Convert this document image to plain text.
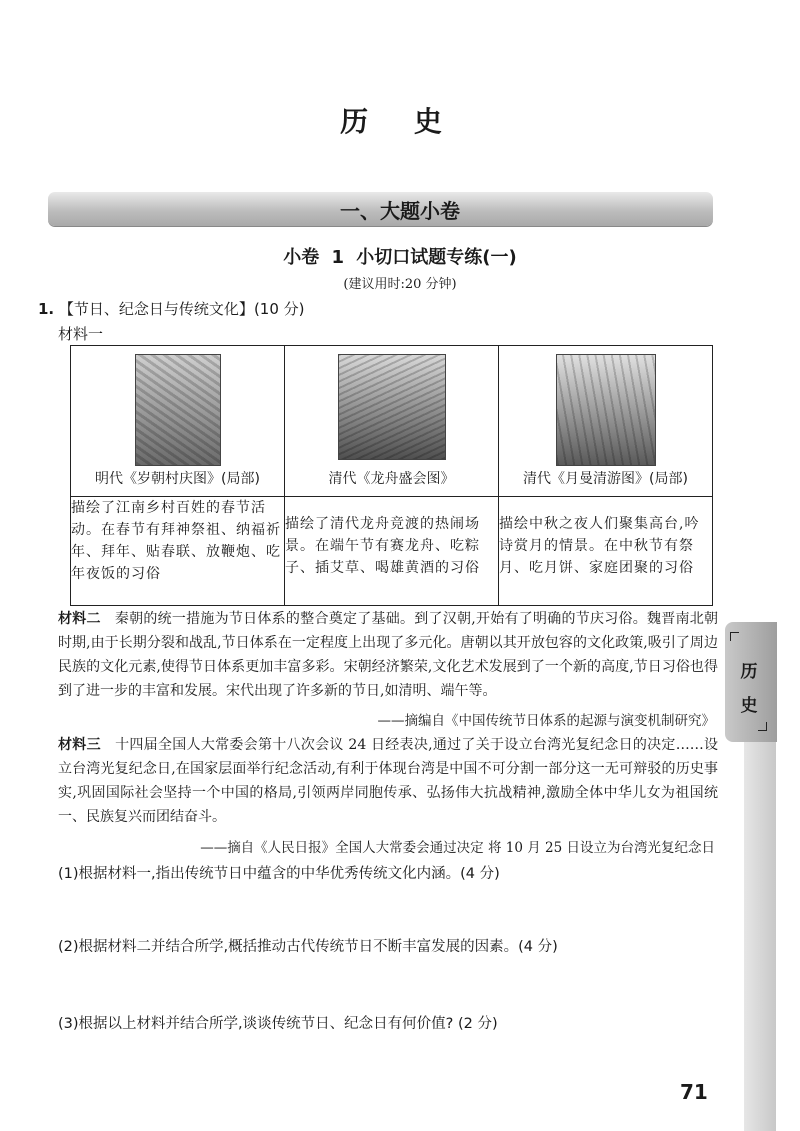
历 史
一、大题小卷
小卷 1 小切口试题专练(一)
(建议用时:20 分钟)
1. 【节日、纪念日与传统文化】(10 分)
材料一
明代《岁朝村庆图》(局部)	清代《龙舟盛会图》	清代《月曼清游图》(局部)

描绘了江南乡村百姓的春节活动。在春节有拜神祭祖、纳福祈年、拜年、贴春联、放鞭炮、吃年夜饭的习俗	描绘了清代龙舟竞渡的热闹场景。在端午节有赛龙舟、吃粽子、插艾草、喝雄黄酒的习俗	描绘中秋之夜人们聚集高台,吟诗赏月的情景。在中秋节有祭月、吃月饼、家庭团聚的习俗
材料二 秦朝的统一措施为节日体系的整合奠定了基础。到了汉朝,开始有了明确的节庆习俗。魏晋南北朝时期,由于长期分裂和战乱,节日体系在一定程度上出现了多元化。唐朝以其开放包容的文化政策,吸引了周边民族的文化元素,使得节日体系更加丰富多彩。宋朝经济繁荣,文化艺术发展到了一个新的高度,节日习俗也得到了进一步的丰富和发展。宋代出现了许多新的节日,如清明、端午等。
——摘编自《中国传统节日体系的起源与演变机制研究》
材料三 十四届全国人大常委会第十八次会议 24 日经表决,通过了关于设立台湾光复纪念日的决定……设立台湾光复纪念日,在国家层面举行纪念活动,有利于体现台湾是中国不可分割一部分这一无可辩驳的历史事实,巩固国际社会坚持一个中国的格局,引领两岸同胞传承、弘扬伟大抗战精神,激励全体中华儿女为祖国统一、民族复兴而团结奋斗。
——摘自《人民日报》全国人大常委会通过决定 将 10 月 25 日设立为台湾光复纪念日
(1)根据材料一,指出传统节日中蕴含的中华优秀传统文化内涵。(4 分)
(2)根据材料二并结合所学,概括推动古代传统节日不断丰富发展的因素。(4 分)
(3)根据以上材料并结合所学,谈谈传统节日、纪念日有何价值? (2 分)
历
史
71
